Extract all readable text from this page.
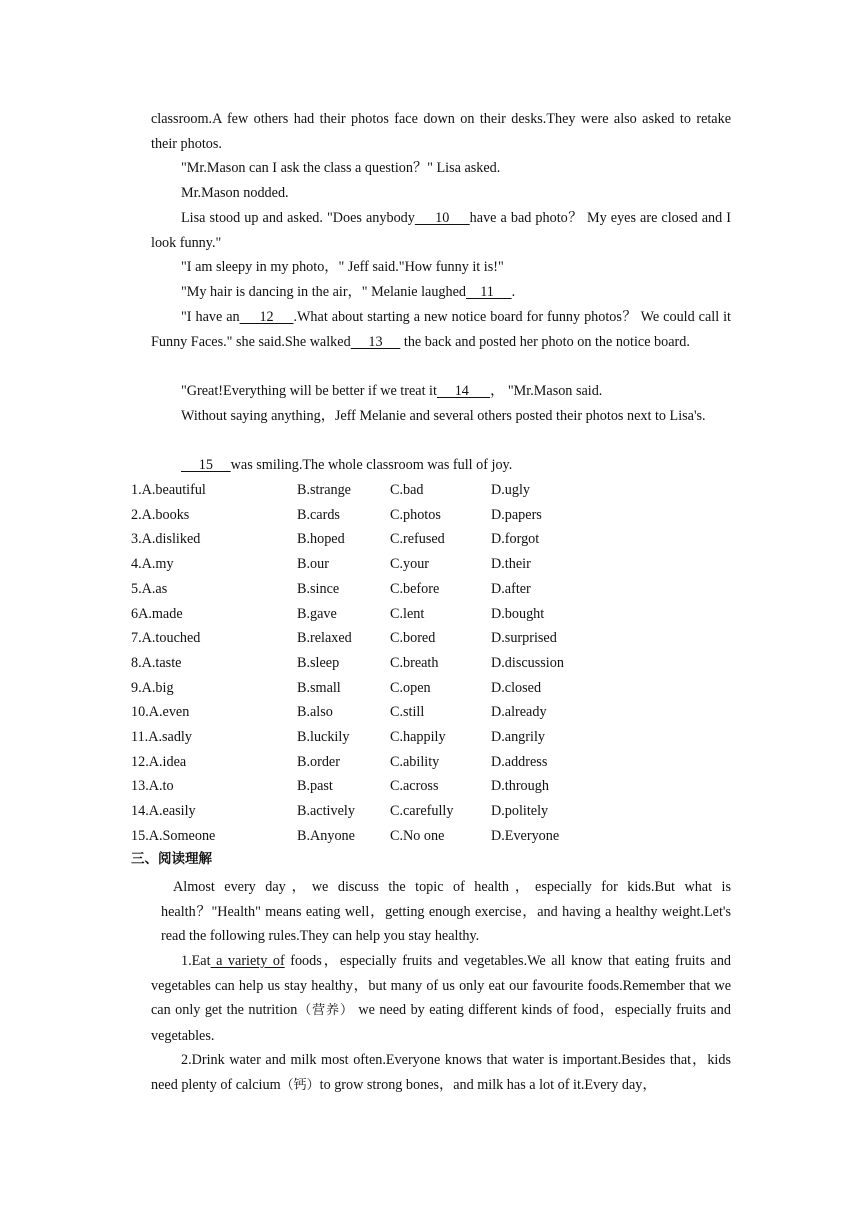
classroom.A few others had their photos face down on their desks.They were also asked to retake their photos.

"Mr.Mason can I ask the class a question？" Lisa asked.

Mr.Mason nodded.

Lisa stood up and asked. "Does anybody     10     have a bad photo？ My eyes are closed and I look funny."

"I am sleepy in my photo，" Jeff said."How funny it is!"

"My hair is dancing in the air，" Melanie laughed    11     .

"I have an     12     .What about starting a new notice board for funny photos？ We could call it Funny Faces." she said.She walked     13      the back and posted her photo on the notice board.

"Great!Everything will be better if we treat it     14      ， "Mr.Mason said.

Without saying anything，Jeff Melanie and several others posted their photos next to Lisa's.

15     was smiling.The whole classroom was full of joy.

1.A.beautiful	B.strange	C.bad	D.ugly
2.A.books	B.cards	C.photos	D.papers
3.A.disliked	B.hoped	C.refused	D.forgot
4.A.my	B.our	C.your	D.their
5.A.as	B.since	C.before	D.after
6A.made	B.gave	C.lent	D.bought
7.A.touched	B.relaxed	C.bored	D.surprised
8.A.taste	B.sleep	C.breath	D.discussion
9.A.big	B.small	C.open	D.closed
10.A.even	B.also	C.still	D.already
11.A.sadly	B.luckily	C.happily	D.angrily
12.A.idea	B.order	C.ability	D.address
13.A.to	B.past	C.across	D.through
14.A.easily	B.actively C.carefully	D.politely
15.A.Someone	B.Anyone C.No one	D.Everyone
三、阅读理解

Almost every day，we discuss the topic of health，especially for kids.But what is health？"Health" means eating well，getting enough exercise，and having a healthy weight.Let's read the following rules.They can help you stay healthy.

1.Eat a variety of foods，especially fruits and vegetables.We all know that eating fruits and vegetables can help us stay healthy，but many of us only eat our favourite foods.Remember that we can only get the nutrition（营养） we need by eating different kinds of food，especially fruits and vegetables.

2.Drink water and milk most often.Everyone knows that water is important.Besides that，kids need plenty of calcium（钙）to grow strong bones，and milk has a lot of it.Every day，
